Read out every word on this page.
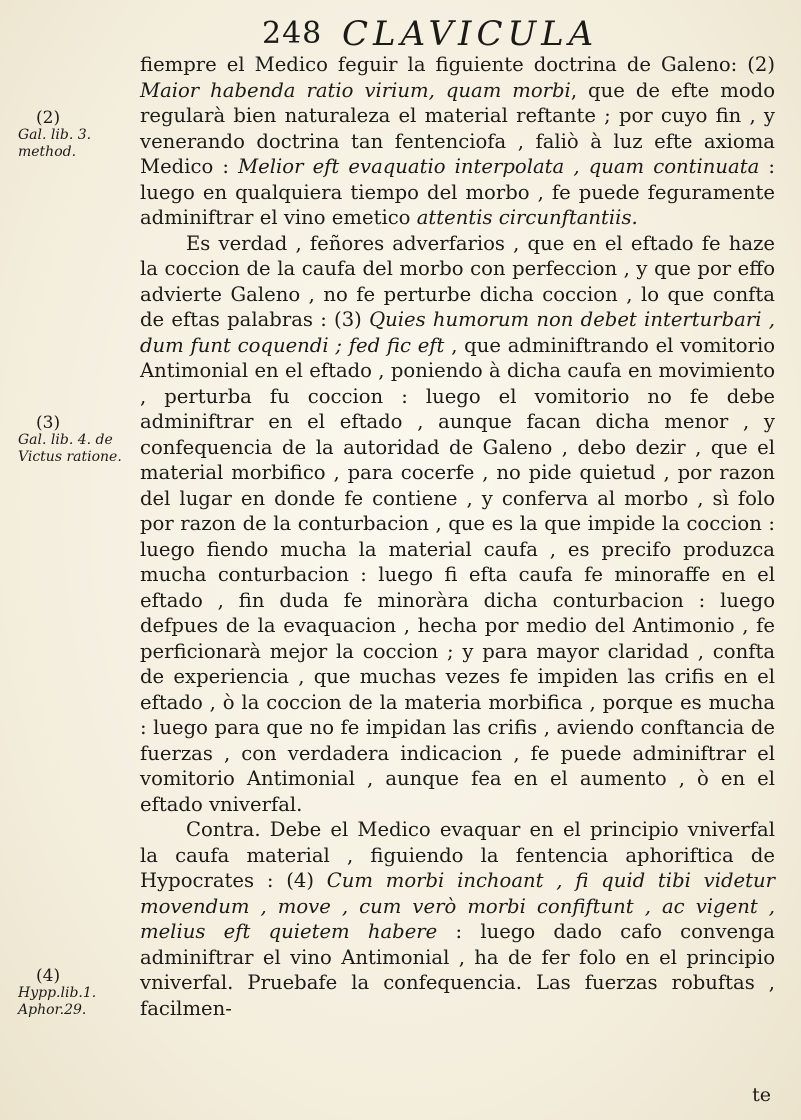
248 CLAVICULA
(2)
Gal. lib. 3. method.
(3)
Gal. lib. 4. de Victus ratione.
(4)
Hypp.lib.1. Aphor.29.

fiempre el Medico feguir la figuiente doctrina de Galeno: (2) Maior habenda ratio virium, quam morbi, que de efte modo regularà bien naturaleza el material reftante ; por cuyo fin , y venerando doctrina tan fentenciofa , faliò à luz efte axioma Medico : Melior eft evaquatio interpolata , quam continuata : luego en qualquiera tiempo del morbo , fe puede feguramente adminiftrar el vino emetico attentis circunftantiis.

Es verdad , feñores adverfarios , que en el eftado fe haze la coccion de la caufa del morbo con perfeccion , y que por effo advierte Galeno , no fe perturbe dicha coccion , lo que confta de eftas palabras : (3) Quies humorum non debet interturbari , dum funt coquendi ; fed fic eft , que adminiftrando el vomitorio Antimonial en el eftado , poniendo à dicha caufa en movimiento , perturba fu coccion : luego el vomitorio no fe debe adminiftrar en el eftado , aunque facan dicha menor , y confequencia de la autoridad de Galeno , debo dezir , que el material morbifico , para cocerfe , no pide quietud , por razon del lugar en donde fe contiene , y conferva al morbo , sì folo por razon de la conturbacion , que es la que impide la coccion : luego fiendo mucha la material caufa , es precifo produzca mucha conturbacion : luego fi efta caufa fe minoraffe en el eftado , fin duda fe minoràra dicha conturbacion : luego defpues de la evaquacion , hecha por medio del Antimonio , fe perficionarà mejor la coccion ; y para mayor claridad , confta de experiencia , que muchas vezes fe impiden las crifis en el eftado , ò la coccion de la materia morbifica , porque es mucha : luego para que no fe impidan las crifis , aviendo conftancia de fuerzas , con verdadera indicacion , fe puede adminiftrar el vomitorio Antimonial , aunque fea en el aumento , ò en el eftado vniverfal.

Contra. Debe el Medico evaquar en el principio vniverfal la caufa material , figuiendo la fentencia aphoriftica de Hypocrates : (4) Cum morbi inchoant , fi quid tibi videtur movendum , move , cum verò morbi confiftunt , ac vigent , melius eft quietem habere : luego dado cafo convenga adminiftrar el vino Antimonial , ha de fer folo en el principio vniverfal. Pruebafe la confequencia. Las fuerzas robuftas , facilmen-

te
